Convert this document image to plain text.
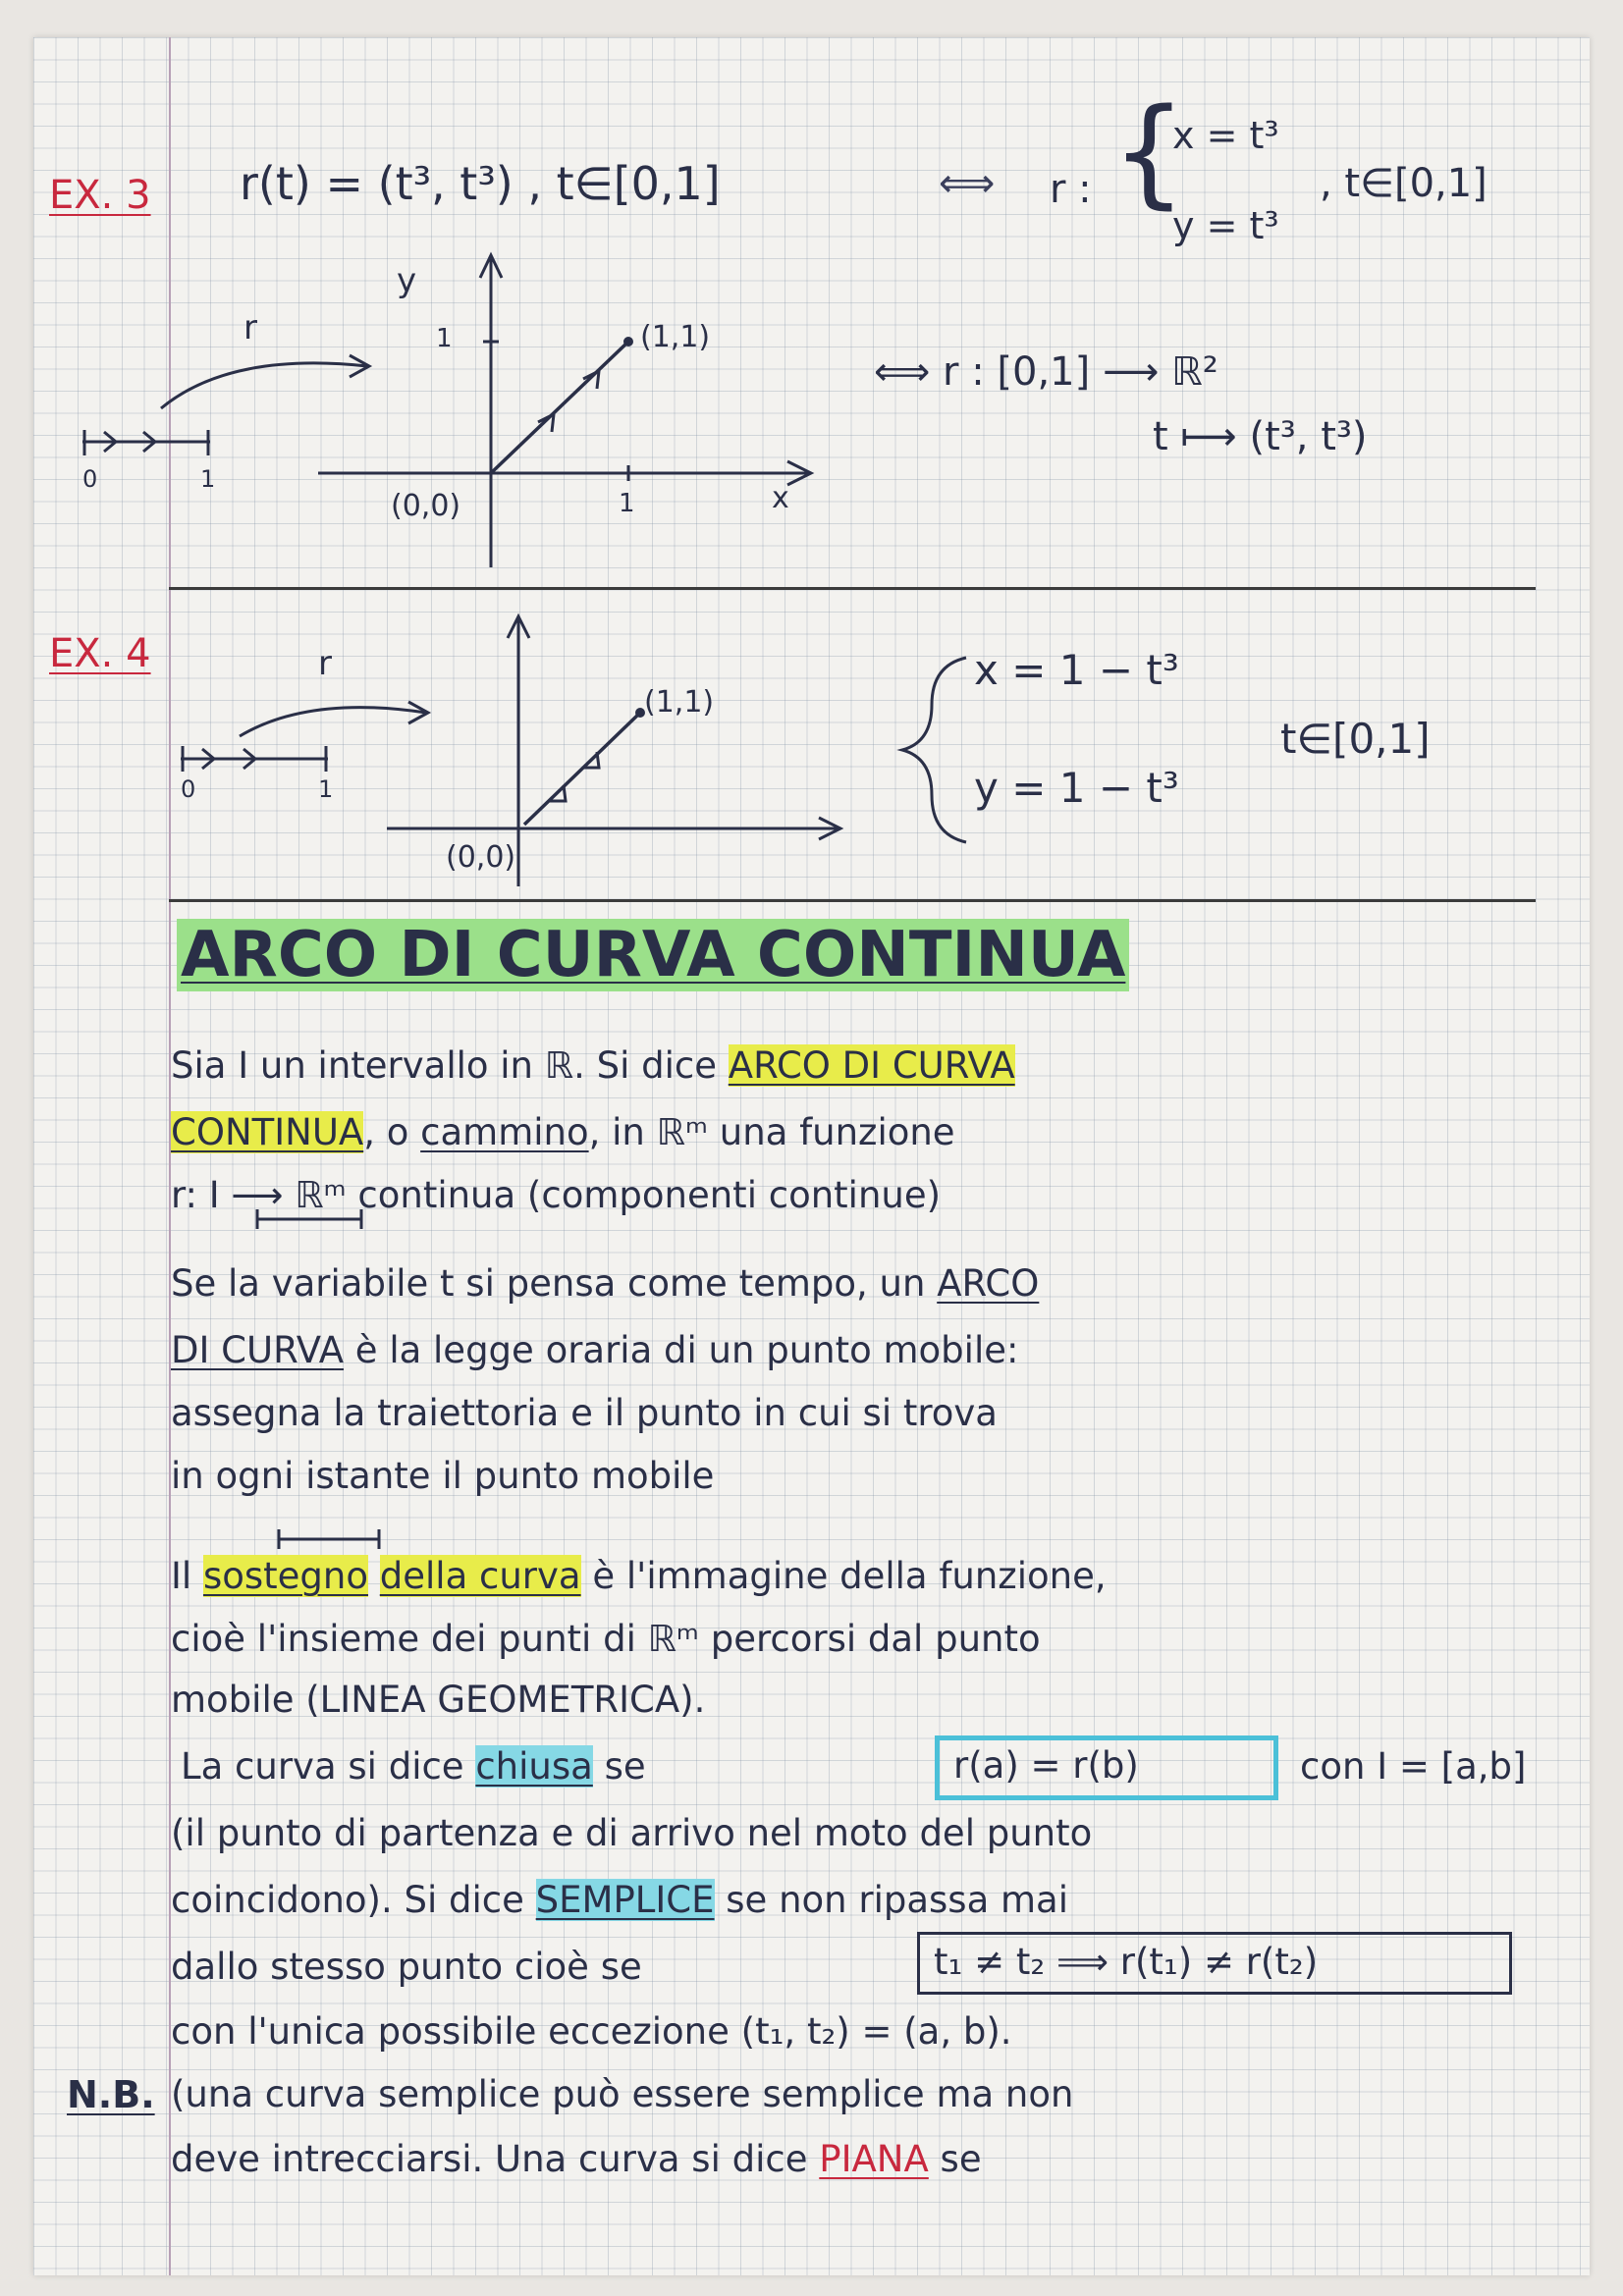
EX. 3 r(t) = (t³, t³) , t∈[0,1]	⟺ r : {
x = t³
y = t³
, t∈[0,1]
⟺ r : [0,1] ⟶ ℝ²
t ⟼ (t³, t³)
y
x
1
1
(0,0)
(1,1)
0	1
r
EX. 4	r
(1,1)
(0,0)
0	1
x = 1 − t³
y = 1 − t³
t∈[0,1]
ARCO DI CURVA CONTINUA
Sia I un intervallo in ℝ. Si dice ARCO DI CURVA
CONTINUA, o cammino, in ℝᵐ una funzione
r: I ⟶ ℝᵐ continua (componenti continue)
Se la variabile t si pensa come tempo, un ARCO
DI CURVA è la legge oraria di un punto mobile:
assegna la traiettoria e il punto in cui si trova
in ogni istante il punto mobile
Il sostegno della curva è l'immagine della funzione,
cioè l'insieme dei punti di ℝᵐ percorsi dal punto
mobile (LINEA GEOMETRICA).
La curva si dice chiusa se	r(a) = r(b)	con I = [a,b]
(il punto di partenza e di arrivo nel moto del punto
coincidono). Si dice SEMPLICE se non ripassa mai
dallo stesso punto cioè se	t₁ ≠ t₂ ⟹ r(t₁) ≠ r(t₂)
con l'unica possibile eccezione (t₁, t₂) = (a, b).
N.B. (una curva semplice può essere semplice ma non
deve intrecciarsi. Una curva si dice PIANA se
